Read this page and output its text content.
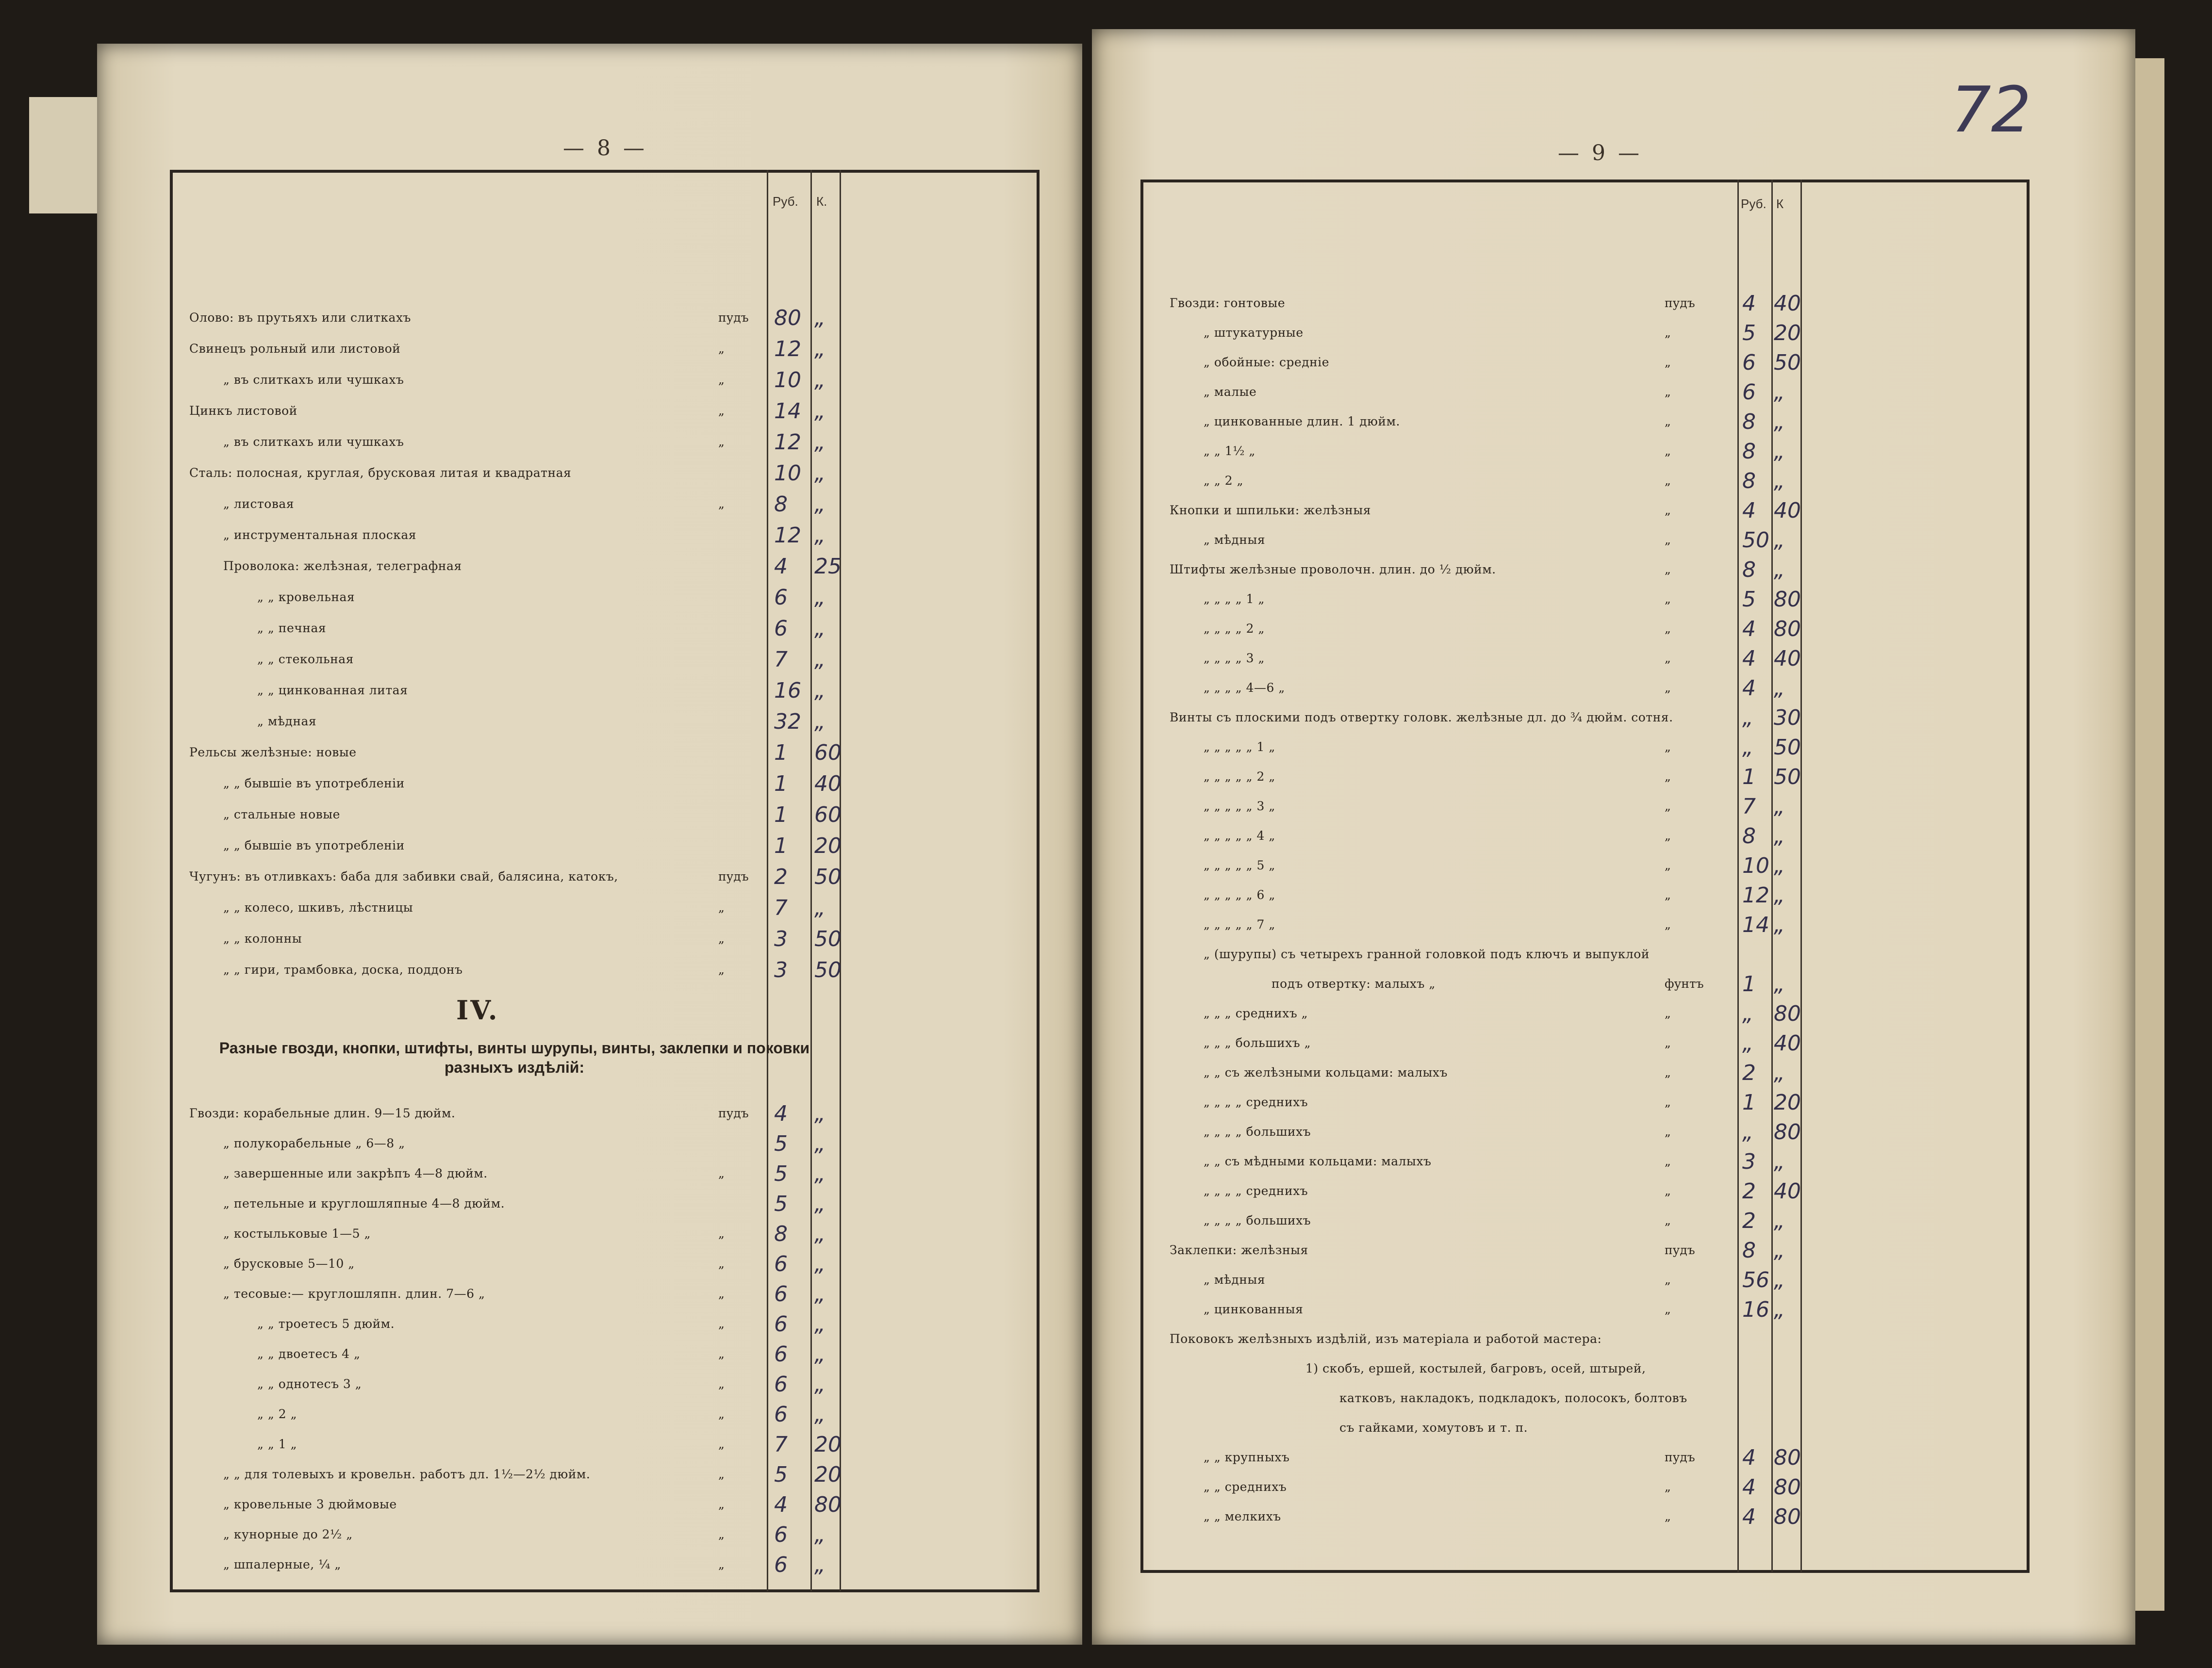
— 8 —
Руб. К.
Олово: въ прутьяхъ или слиткахъ	пудъ 80 „
Свинецъ рольный или листовой	„ 12 „
„ въ слиткахъ или чушкахъ	„ 10 „
Цинкъ листовой	„ 14 „
„ въ слиткахъ или чушкахъ	„ 12 „
Сталь: полосная, круглая, брусковая литая и квадратная	10 „
„ листовая	„ 8 „
„ инструментальная плоская	12 „
Проволока: желѣзная, телеграфная	4 25
„ „ кровельная	6 „
„ „ печная	6 „
„ „ стекольная	7 „
„ „ цинкованная литая	16 „
„ мѣдная	32 „
Рельсы желѣзные: новые	1 60
„ „ бывшіе въ употребленіи	1 40
„ стальные новые	1 60
„ „ бывшіе въ употребленіи	1 20
Чугунъ: въ отливкахъ: баба для забивки свай, балясина, катокъ,	пудъ 2 50
„ „ колесо, шкивъ, лѣстницы	„ 7 „
„ „ колонны	„ 3 50
„ „ гири, трамбовка, доска, поддонъ	„ 3 50
IV.
Разные гвозди, кнопки, штифты, винты шурупы, винты, заклепки и поковки разныхъ издѣлій:
Гвозди: корабельные длин. 9—15 дюйм.	пудъ 4 „
„ полукорабельные „ 6—8 „	5 „
„ завершенные или закрѣпъ 4—8 дюйм.	„ 5 „
„ петельные и круглошляпные 4—8 дюйм.	5 „
„ костыльковые 1—5 „	„ 8 „
„ брусковые 5—10 „	„ 6 „
„ тесовые:— круглошляпн. длин. 7—6 „	„ 6 „
„ „ троетесъ 5 дюйм.	„ 6 „
„ „ двоетесъ 4 „	„ 6 „
„ „ однотесъ 3 „	„ 6 „
„ „ 2 „	„ 6 „
„ „ 1 „	„ 7 20
„ „ для толевыхъ и кровельн. работъ дл. 1½—2½ дюйм.	„ 5 20
„ кровельные 3 дюймовые	„ 4 80
„ кунорные до 2½ „	„ 6 „
„ шпалерные, ¼ „	„ 6 „
— 9 —
72
Руб. К
Гвозди: гонтовые	пудъ 4 40
„ штукатурные	„	5 20
„ обойные: средніе	„	6 50
„ малые	„	6 „
„ цинкованные длин. 1 дюйм.	„	8 „
„ „ 1½ „	„	8 „
„ „ 2 „	„	8 „
Кнопки и шпильки: желѣзныя	„	4 40
„ мѣдныя	„	50 „
Штифты желѣзные проволочн. длин. до ½ дюйм.	„	8 „
„ „ „ „ 1 „	„	5 80
„ „ „ „ 2 „	„	4 80
„ „ „ „ 3 „	„	4 40
„ „ „ „ 4—6 „	„	4 „
Винты съ плоскими подъ отвертку головк. желѣзные дл. до ¾ дюйм. сотня.	„ 30
„ „ „ „ „ 1 „	„	„ 50
„ „ „ „ „ 2 „	„	1 50
„ „ „ „ „ 3 „	„	7 „
„ „ „ „ „ 4 „	„	8 „
„ „ „ „ „ 5 „	„	10 „
„ „ „ „ „ 6 „	„	12 „
„ „ „ „ „ 7 „	„	14 „
„ (шурупы) съ четырехъ гранной головкой подъ ключъ и выпуклой
подъ отвертку: малыхъ „	фунтъ 1 „
„ „ „ среднихъ „	„	„ 80
„ „ „ большихъ „	„	„ 40
„ „ съ желѣзными кольцами: малыхъ	„	2 „
„ „ „ „ среднихъ	„	1 20
„ „ „ „ большихъ	„	„ 80
„ „ съ мѣдными кольцами: малыхъ	„	3 „
„ „ „ „ среднихъ	„	2 40
„ „ „ „ большихъ	„	2 „
Заклепки: желѣзныя	пудъ 8 „
„ мѣдныя	„	56 „
„ цинкованныя	„	16 „
Поковокъ желѣзныхъ издѣлій, изъ матеріала и работой мастера:
1) скобъ, ершей, костылей, багровъ, осей, штырей,
катковъ, накладокъ, подкладокъ, полосокъ, болтовъ
съ гайками, хомутовъ и т. п.
„ „ крупныхъ	пудъ 4 80
„ „ среднихъ	„	4 80
„ „ мелкихъ	„	4 80
